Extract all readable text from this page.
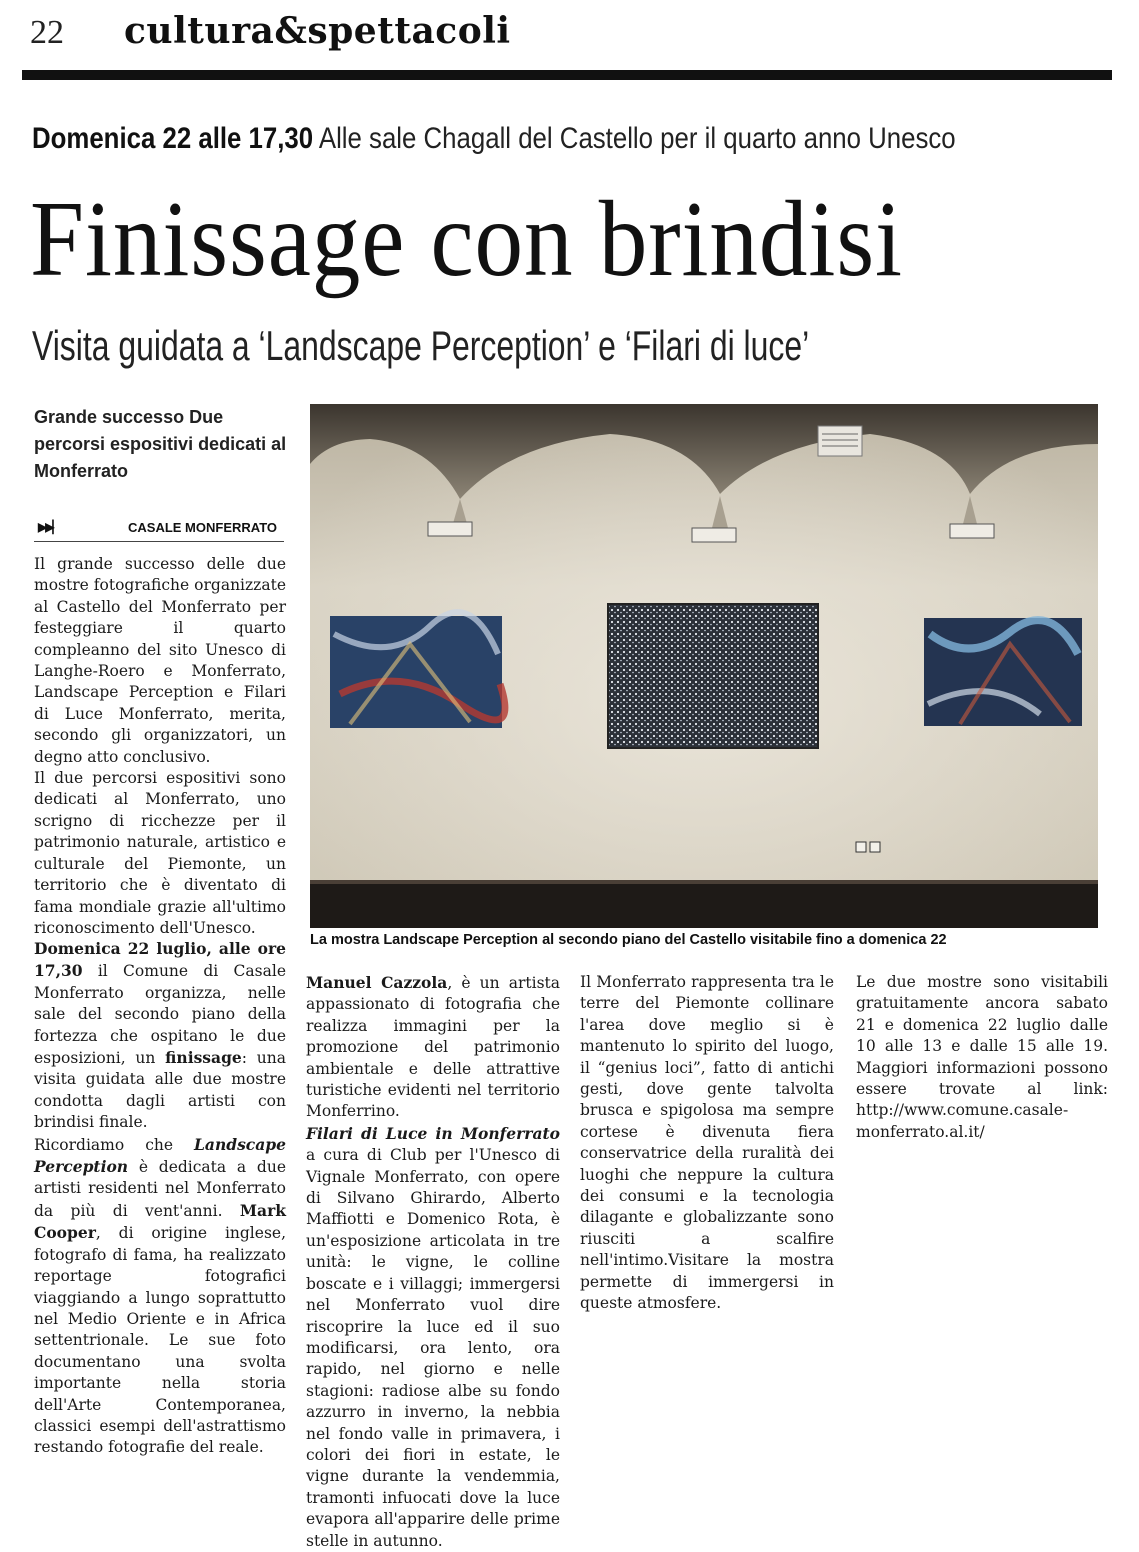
22 cultura&spettacoli
Domenica 22 alle 17,30 Alle sale Chagall del Castello per il quarto anno Unesco
Finissage con brindisi
Visita guidata a ‘Landscape Perception’ e ‘Filari di luce’
Grande successo Due percorsi espositivi dedicati al Monferrato
▶▶▏	CASALE MONFERRATO
La mostra Landscape Perception al secondo piano del Castello visitabile fino a domenica 22

Il grande successo delle due mostre fotografiche organizzate al Castello del Monferrato per festeggiare il quarto compleanno del sito Unesco di Langhe-Roero e Monferrato, Landscape Perception e Filari di Luce Monferrato, merita, secondo gli organizzatori, un degno atto conclusivo.

Il due percorsi espositivi sono dedicati al Monferrato, uno scrigno di ricchezze per il patrimonio naturale, artistico e culturale del Piemonte, un territorio che è diventato di fama mondiale grazie all'ultimo riconoscimento dell'Unesco.

Domenica 22 luglio, alle ore 17,30 il Comune di Casale Monferrato organizza, nelle sale del secondo piano della fortezza che ospitano le due esposizioni, un finissage: una visita guidata alle due mostre condotta dagli artisti con brindisi finale.

Ricordiamo che Landscape Perception è dedicata a due artisti residenti nel Monferrato da più di vent'anni. Mark Cooper, di origine inglese, fotografo di fama, ha realizzato reportage fotografici viaggiando a lungo soprattutto nel Medio Oriente e in Africa settentrionale. Le sue foto documentano una svolta importante nella storia dell'Arte Contemporanea, classici esempi dell'astrattismo restando fotografie del reale.

Manuel Cazzola, è un artista appassionato di fotografia che realizza immagini per la promozione del patrimonio ambientale e delle attrattive turistiche evidenti nel territorio Monferrino.

Filari di Luce in Monferrato a cura di Club per l'Unesco di Vignale Monferrato, con opere di Silvano Ghirardo, Alberto Maffiotti e Domenico Rota, è un'esposizione articolata in tre unità: le vigne, le colline boscate e i villaggi; immergersi nel Monferrato vuol dire riscoprire la luce ed il suo modificarsi, ora lento, ora rapido, nel giorno e nelle stagioni: radiose albe su fondo azzurro in inverno, la nebbia nel fondo valle in primavera, i colori dei fiori in estate, le vigne durante la vendemmia, tramonti infuocati dove la luce evapora all'apparire delle prime stelle in autunno.

Il Monferrato rappresenta tra le terre del Piemonte collinare l'area dove meglio si è mantenuto lo spirito del luogo, il “genius loci”, fatto di antichi gesti, dove gente talvolta brusca e spigolosa ma sempre cortese è divenuta fiera conservatrice della ruralità dei luoghi che neppure la cultura dei consumi e la tecnologia dilagante e globalizzante sono riusciti a scalfire nell'intimo.Visitare la mostra permette di immergersi in queste atmosfere.

Le due mostre sono visitabili gratuitamente ancora sabato 21 e domenica 22 luglio dalle 10 alle 13 e dalle 15 alle 19. Maggiori informazioni possono essere trovate al link: http://www.comune.casale-monferrato.al.it/
